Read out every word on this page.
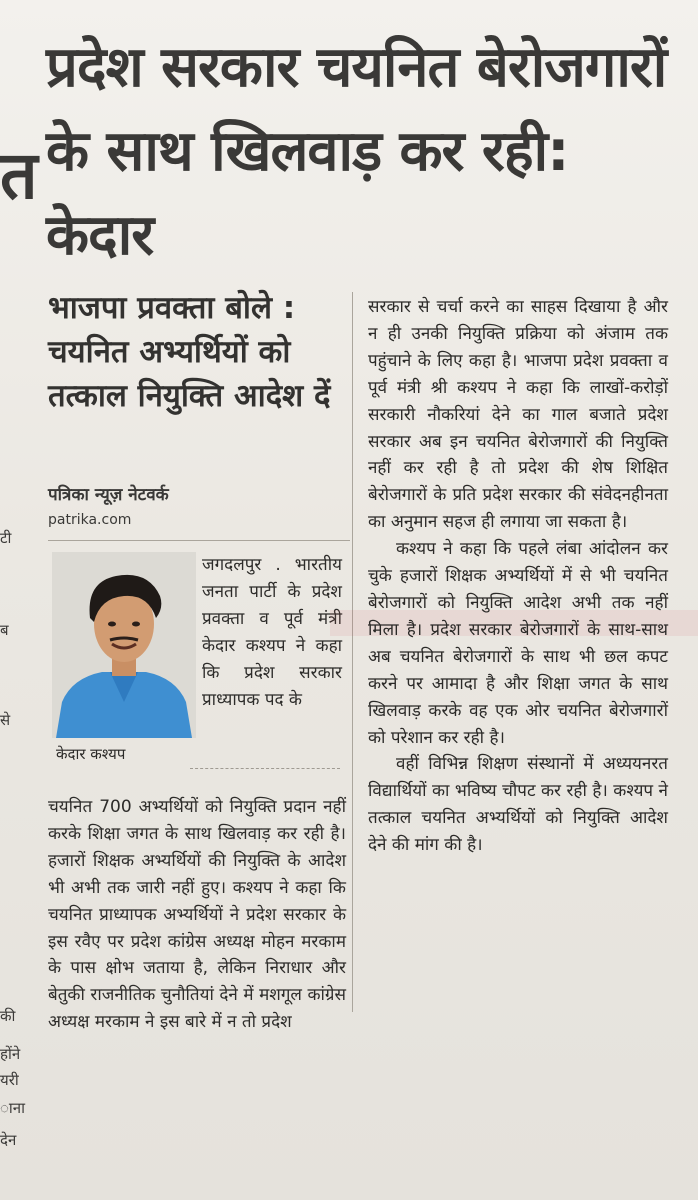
त
टी
ब
से
की
होंने
यरी
ाना
देन
प्रदेश सरकार चयनित बेरोजगारों के साथ खिलवाड़ कर रही: केदार
भाजपा प्रवक्ता बोले : चयनित अभ्यर्थियों को तत्काल नियुक्ति आदेश दें
पत्रिका न्यूज़ नेटवर्क
patrika.com
केदार कश्यप

जगदलपुर . भारतीय जनता पार्टी के प्रदेश प्रवक्ता व पूर्व मंत्री केदार कश्यप ने कहा कि प्रदेश सरकार प्राध्यापक पद के

चयनित 700 अभ्यर्थियों को नियुक्ति प्रदान नहीं करके शिक्षा जगत के साथ खिलवाड़ कर रही है। हजारों शिक्षक अभ्यर्थियों की नियुक्ति के आदेश भी अभी तक जारी नहीं हुए। कश्यप ने कहा कि चयनित प्राध्यापक अभ्यर्थियों ने प्रदेश सरकार के इस रवैए पर प्रदेश कांग्रेस अध्यक्ष मोहन मरकाम के पास क्षोभ जताया है, लेकिन निराधार और बेतुकी राजनीतिक चुनौतियां देने में मशगूल कांग्रेस अध्यक्ष मरकाम ने इस बारे में न तो प्रदेश

सरकार से चर्चा करने का साहस दिखाया है और न ही उनकी नियुक्ति प्रक्रिया को अंजाम तक पहुंचाने के लिए कहा है। भाजपा प्रदेश प्रवक्ता व पूर्व मंत्री श्री कश्यप ने कहा कि लाखों-करोड़ों सरकारी नौकरियां देने का गाल बजाते प्रदेश सरकार अब इन चयनित बेरोजगारों की नियुक्ति नहीं कर रही है तो प्रदेश की शेष शिक्षित बेरोजगारों के प्रति प्रदेश सरकार की संवेदनहीनता का अनुमान सहज ही लगाया जा सकता है।

कश्यप ने कहा कि पहले लंबा आंदोलन कर चुके हजारों शिक्षक अभ्यर्थियों में से भी चयनित बेरोजगारों को नियुक्ति आदेश अभी तक नहीं मिला है। प्रदेश सरकार बेरोजगारों के साथ-साथ अब चयनित बेरोजगारों के साथ भी छल कपट करने पर आमादा है और शिक्षा जगत के साथ खिलवाड़ करके वह एक ओर चयनित बेरोजगारों को परेशान कर रही है।

वहीं विभिन्न शिक्षण संस्थानों में अध्ययनरत विद्यार्थियों का भविष्य चौपट कर रही है। कश्यप ने तत्काल चयनित अभ्यर्थियों को नियुक्ति आदेश देने की मांग की है।
